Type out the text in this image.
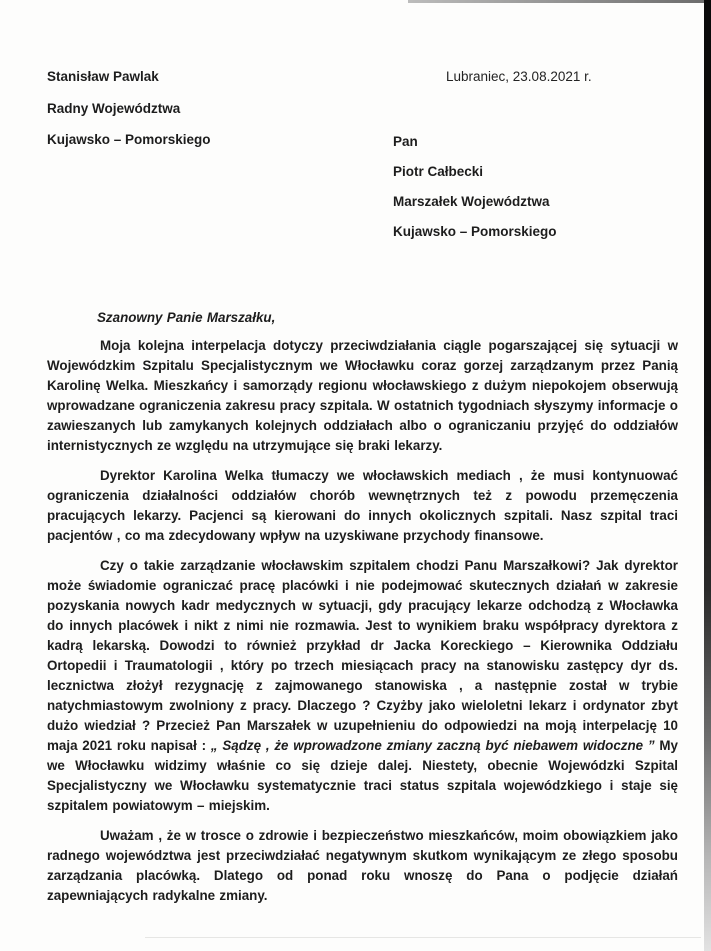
Stanisław Pawlak
Radny Województwa
Kujawsko – Pomorskiego
Lubraniec, 23.08.2021 r.
Pan
Piotr Całbecki
Marszałek Województwa
Kujawsko – Pomorskiego

Szanowny Panie Marszałku,

Moja kolejna interpelacja dotyczy przeciwdziałania ciągle pogarszającej się sytuacji w Wojewódzkim Szpitalu Specjalistycznym we Włocławku coraz gorzej zarządzanym przez Panią Karolinę Welka. Mieszkańcy i samorządy regionu włocławskiego z dużym niepokojem obserwują wprowadzane ograniczenia zakresu pracy szpitala. W ostatnich tygodniach słyszymy informacje o zawieszanych lub zamykanych kolejnych oddziałach albo o ograniczaniu przyjęć do oddziałów internistycznych ze względu na utrzymujące się braki lekarzy.

Dyrektor Karolina Welka tłumaczy we włocławskich mediach , że musi kontynuować ograniczenia działalności oddziałów chorób wewnętrznych też z powodu przemęczenia pracujących lekarzy. Pacjenci są kierowani do innych okolicznych szpitali. Nasz szpital traci pacjentów , co ma zdecydowany wpływ na uzyskiwane przychody finansowe.

Czy o takie zarządzanie włocławskim szpitalem chodzi Panu Marszałkowi? Jak dyrektor może świadomie ograniczać pracę placówki i nie podejmować skutecznych działań w zakresie pozyskania nowych kadr medycznych w sytuacji, gdy pracujący lekarze odchodzą z Włocławka do innych placówek i nikt z nimi nie rozmawia. Jest to wynikiem braku współpracy dyrektora z kadrą lekarską. Dowodzi to również przykład dr Jacka Koreckiego – Kierownika Oddziału Ortopedii i Traumatologii , który po trzech miesiącach pracy na stanowisku zastępcy dyr ds. lecznictwa złożył rezygnację z zajmowanego stanowiska , a następnie został w trybie natychmiastowym zwolniony z pracy. Dlaczego ? Czyżby jako wieloletni lekarz i ordynator zbyt dużo wiedział ? Przecież Pan Marszałek w uzupełnieniu do odpowiedzi na moją interpelację 10 maja 2021 roku napisał : „ Sądzę , że wprowadzone zmiany zaczną być niebawem widoczne ” My we Włocławku widzimy właśnie co się dzieje dalej. Niestety, obecnie Wojewódzki Szpital Specjalistyczny we Włocławku systematycznie traci status szpitala wojewódzkiego i staje się szpitalem powiatowym – miejskim.

Uważam , że w trosce o zdrowie i bezpieczeństwo mieszkańców, moim obowiązkiem jako radnego województwa jest przeciwdziałać negatywnym skutkom wynikającym ze złego sposobu zarządzania placówką. Dlatego od ponad roku wnoszę do Pana o podjęcie działań zapewniających radykalne zmiany.
